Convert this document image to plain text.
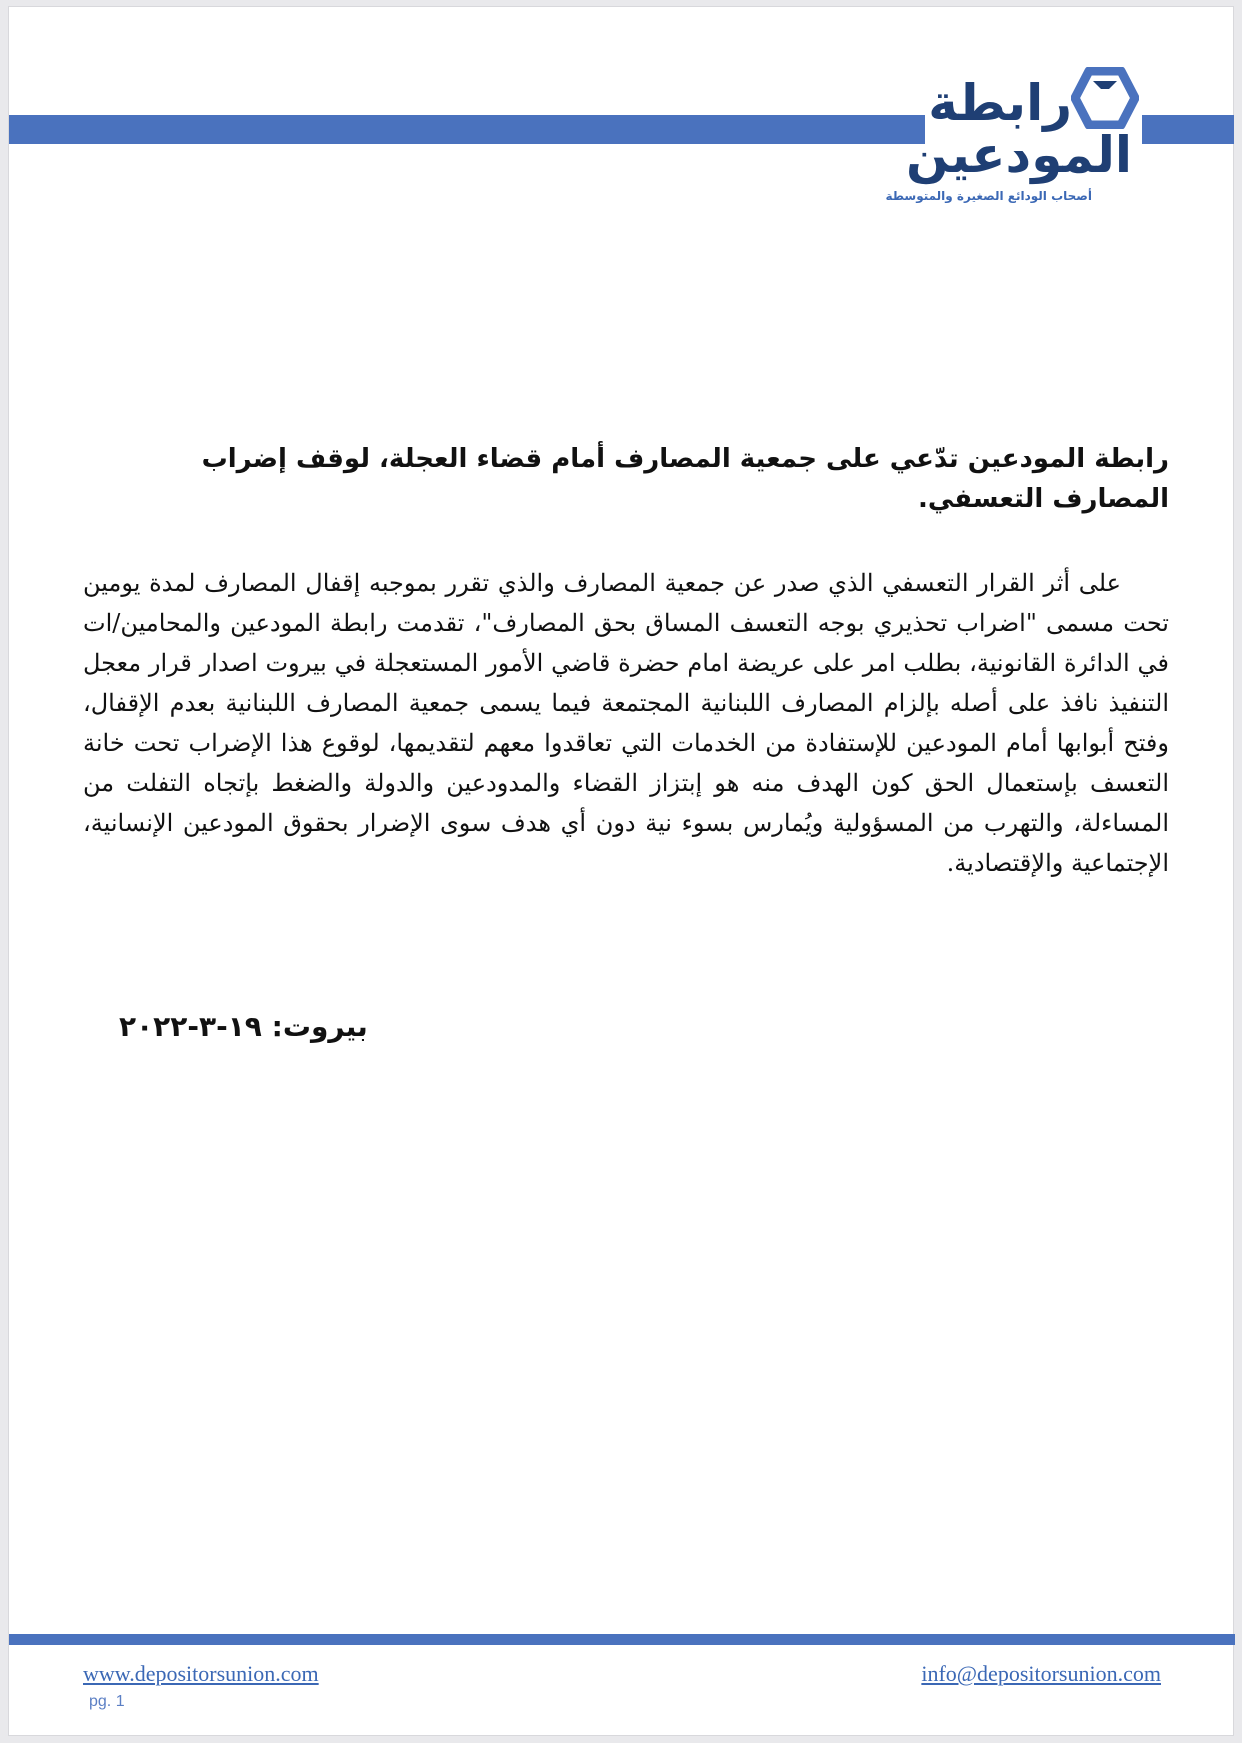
رابطة
المودعين
أصحاب الودائع الصغيرة والمتوسطة
رابطة المودعين تدّعي على جمعية المصارف أمام قضاء العجلة، لوقف إضراب المصارف التعسفي.

على أثر القرار التعسفي الذي صدر عن جمعية المصارف والذي تقرر بموجبه إقفال المصارف لمدة يومين تحت مسمى "اضراب تحذيري بوجه التعسف المساق بحق المصارف"، تقدمت رابطة المودعين والمحامين/ات في الدائرة القانونية، بطلب امر على عريضة امام حضرة قاضي الأمور المستعجلة في بيروت اصدار قرار معجل التنفيذ نافذ على أصله بإلزام المصارف اللبنانية المجتمعة فيما يسمى جمعية المصارف اللبنانية بعدم الإقفال، وفتح أبوابها أمام المودعين للإستفادة من الخدمات التي تعاقدوا معهم لتقديمها، لوقوع هذا الإضراب تحت خانة التعسف بإستعمال الحق كون الهدف منه هو إبتزاز القضاء والمدودعين والدولة والضغط بإتجاه التفلت من المساءلة، والتهرب من المسؤولية ويُمارس بسوء نية دون أي هدف سوى الإضرار بحقوق المودعين الإنسانية، الإجتماعية والإقتصادية.

بيروت: ١٩-٣-٢٠٢٢
www.depositorsunion.com	info@depositorsunion.com
pg. 1
